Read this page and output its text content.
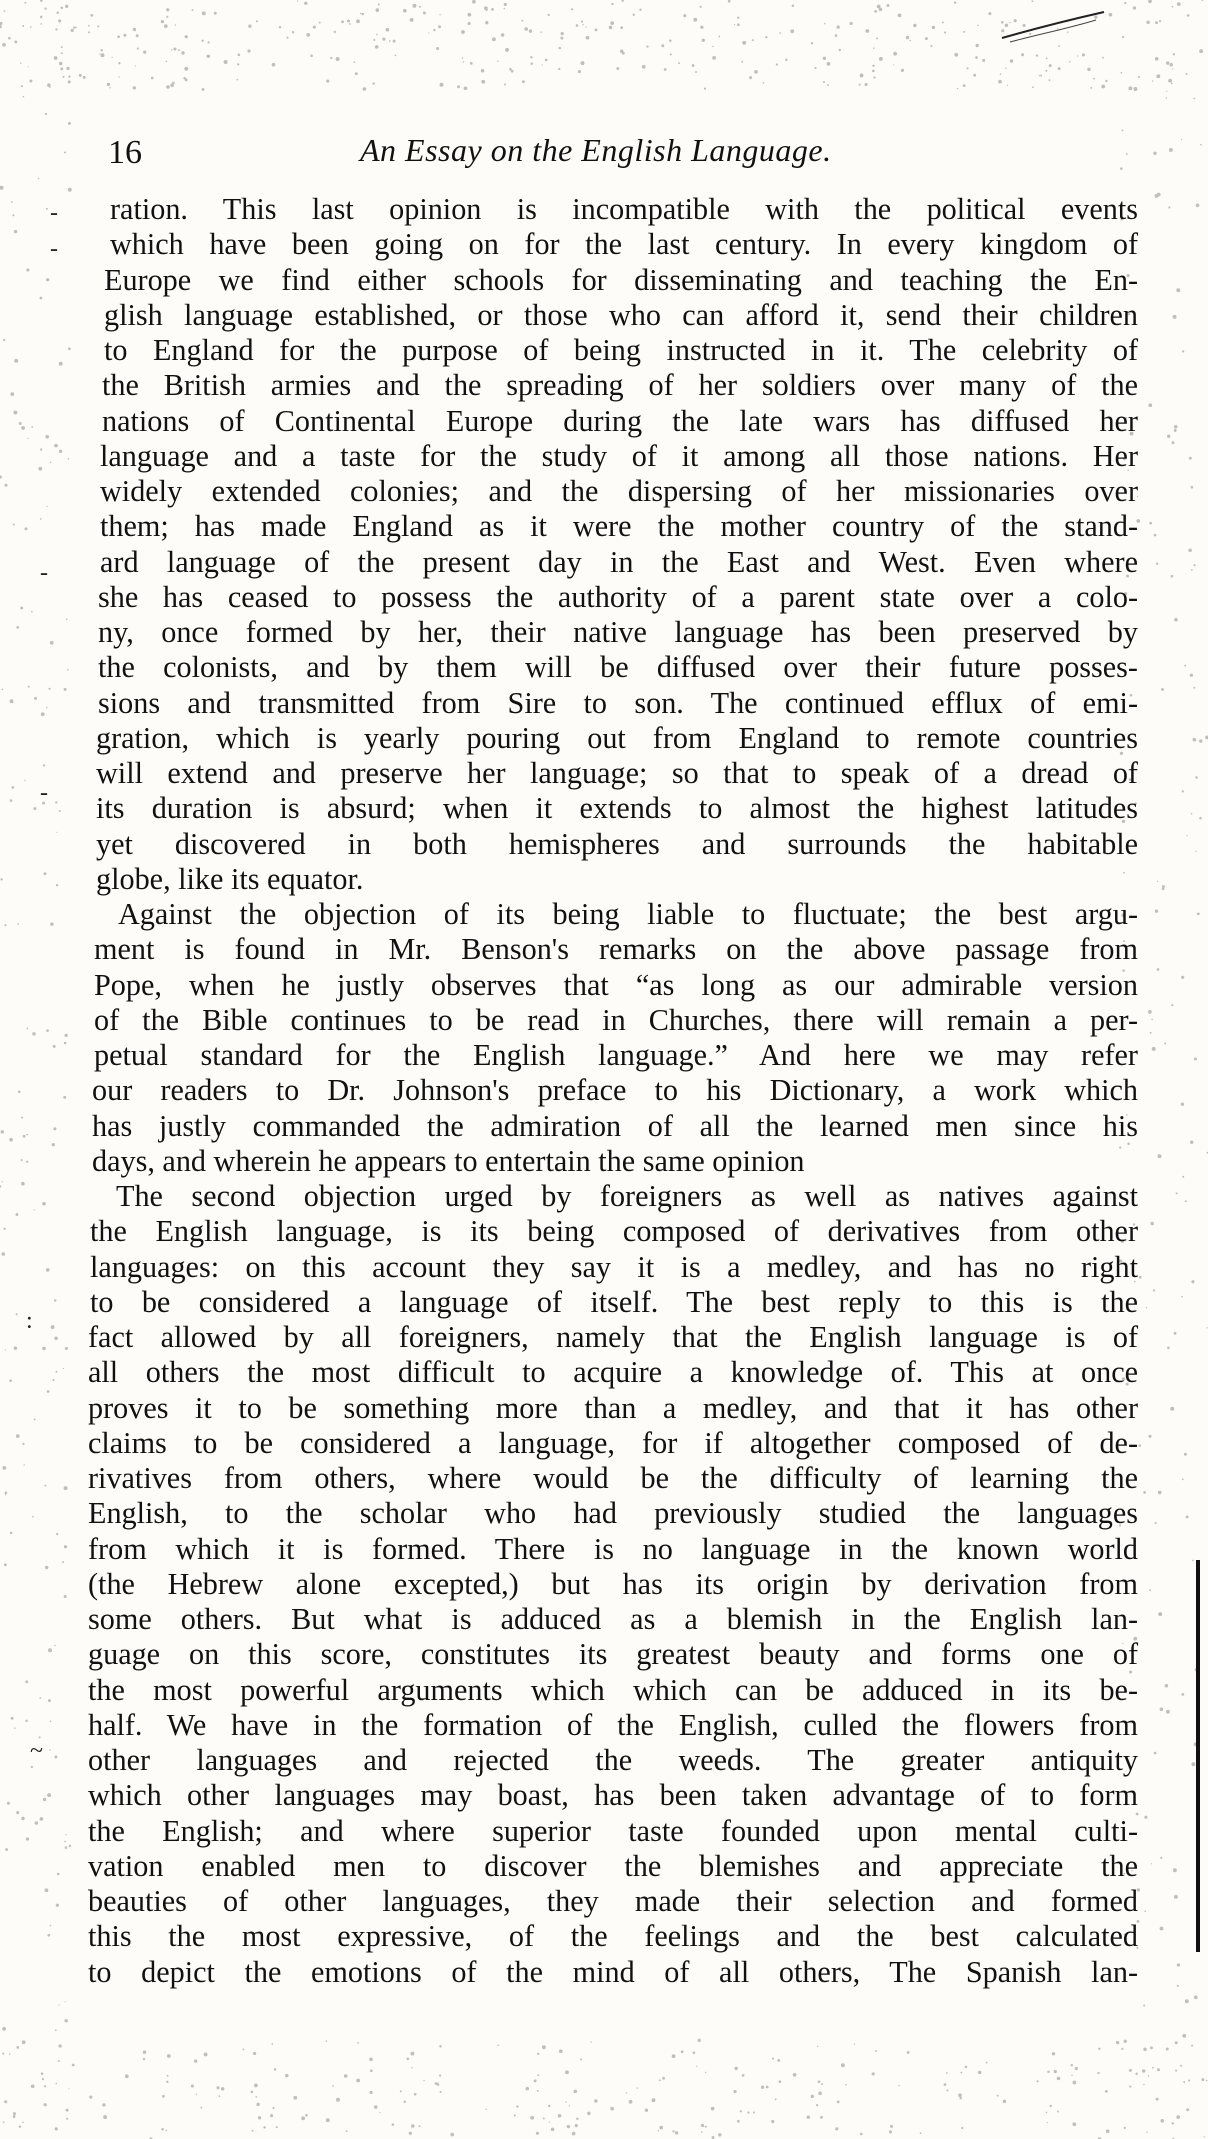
16	An Essay on the English Language.
ration. This last opinion is incompatible with the political events
which have been going on for the last century. In every kingdom of
Europe we find either schools for disseminating and teaching the En-
glish language established, or those who can afford it, send their children
to England for the purpose of being instructed in it. The celebrity of
the British armies and the spreading of her soldiers over many of the
nations of Continental Europe during the late wars has diffused her
language and a taste for the study of it among all those nations. Her
widely extended colonies; and the dispersing of her missionaries over
them; has made England as it were the mother country of the stand-
ard language of the present day in the East and West. Even where
she has ceased to possess the authority of a parent state over a colo-
ny, once formed by her, their native language has been preserved by
the colonists, and by them will be diffused over their future posses-
sions and transmitted from Sire to son. The continued efflux of emi-
gration, which is yearly pouring out from England to remote countries
will extend and preserve her language; so that to speak of a dread of
its duration is absurd; when it extends to almost the highest latitudes
yet discovered in both hemispheres and surrounds the habitable
globe, like its equator.
Against the objection of its being liable to fluctuate; the best argu-
ment is found in Mr. Benson's remarks on the above passage from
Pope, when he justly observes that “as long as our admirable version
of the Bible continues to be read in Churches, there will remain a per-
petual standard for the English language.” And here we may refer
our readers to Dr. Johnson's preface to his Dictionary, a work which
has justly commanded the admiration of all the learned men since his
days, and wherein he appears to entertain the same opinion
The second objection urged by foreigners as well as natives against
the English language, is its being composed of derivatives from other
languages: on this account they say it is a medley, and has no right
to be considered a language of itself. The best reply to this is the
fact allowed by all foreigners, namely that the English language is of
all others the most difficult to acquire a knowledge of. This at once
proves it to be something more than a medley, and that it has other
claims to be considered a language, for if altogether composed of de-
rivatives from others, where would be the difficulty of learning the
English, to the scholar who had previously studied the languages
from which it is formed. There is no language in the known world
(the Hebrew alone excepted,) but has its origin by derivation from
some others. But what is adduced as a blemish in the English lan-
guage on this score, constitutes its greatest beauty and forms one of
the most powerful arguments which which can be adduced in its be-
half. We have in the formation of the English, culled the flowers from
other languages and rejected the weeds. The greater antiquity
which other languages may boast, has been taken advantage of to form
the English; and where superior taste founded upon mental culti-
vation enabled men to discover the blemishes and appreciate the
beauties of other languages, they made their selection and formed
this the most expressive, of the feelings and the best calculated
to depict the emotions of the mind of all others, The Spanish lan-
-
-
-
-
:
~
